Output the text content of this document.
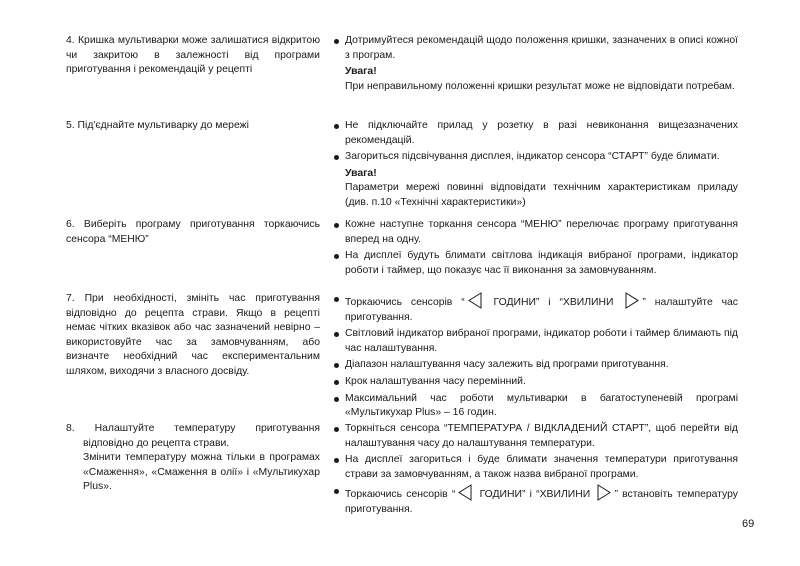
4. Кришка мультиварки може залишатися відкритою чи закритою в залежності від програми приготування і рекомендацій у рецепті
Дотримуйтеся рекомендацій щодо положення кришки, зазначених в описі кожної з програм.
Увага!
При неправильному положенні кришки результат може не відповідати потребам.
5. Під'єднайте мультиварку до мережі	Не підключайте прилад у розетку в разі невиконання вищезазначених рекомендацій.
Загориться підсвічування дисплея, індикатор сенсора “СТАРТ” буде блимати.
Увага!
Параметри мережі повинні відповідати технічним характеристикам приладу (див. п.10 «Технічні характеристики»)
6. Виберіть програму приготування торкаючись сенсора “МЕНЮ”
Кожне наступне торкання сенсора “МЕНЮ” перелючає програму приготування вперед на одну.
На дисплеї будуть блимати світлова індикація вибраної програми, індикатор роботи і таймер, що показує час її виконання за замовчуванням.
7. При необхідності, змініть час приготування відповідно до рецепта страви. Якщо в рецепті немає чітких вказівок або час зазначений невірно – використовуйте час за замовчуванням, або визначте необхідний час експериментальним шляхом, виходячи з власного досвіду.
Торкаючись сенсорів “ ГОДИНИ” і “ХВИЛИНИ ” налаштуйте час приготування.
Світловий індикатор вибраної програми, індикатор роботи і таймер блимають під час налаштування.
Діапазон налаштування часу залежить від програми приготування.
Крок налаштування часу перемінний.
Максимальний час роботи мультиварки в багатоступеневій програмі «Мультикухар Plus» – 16 годин.
8. Налаштуйте температуру приготування відповідно до рецепта страви.
Змінити температуру можна тільки в програмах «Смаження», «Смаження в олії» і «Мультикухар Plus».
Торкніться сенсора “ТЕМПЕРАТУРА / ВІДКЛАДЕНИЙ СТАРТ”, щоб перейти від налаштування часу до налаштування температури.
На дисплеї загориться і буде блимати значення температури приготування страви за замовчуванням, а також назва вибраної програми.
Торкаючись сенсорів “ ГОДИНИ” і “ХВИЛИНИ ” встановіть температуру приготування.
69
